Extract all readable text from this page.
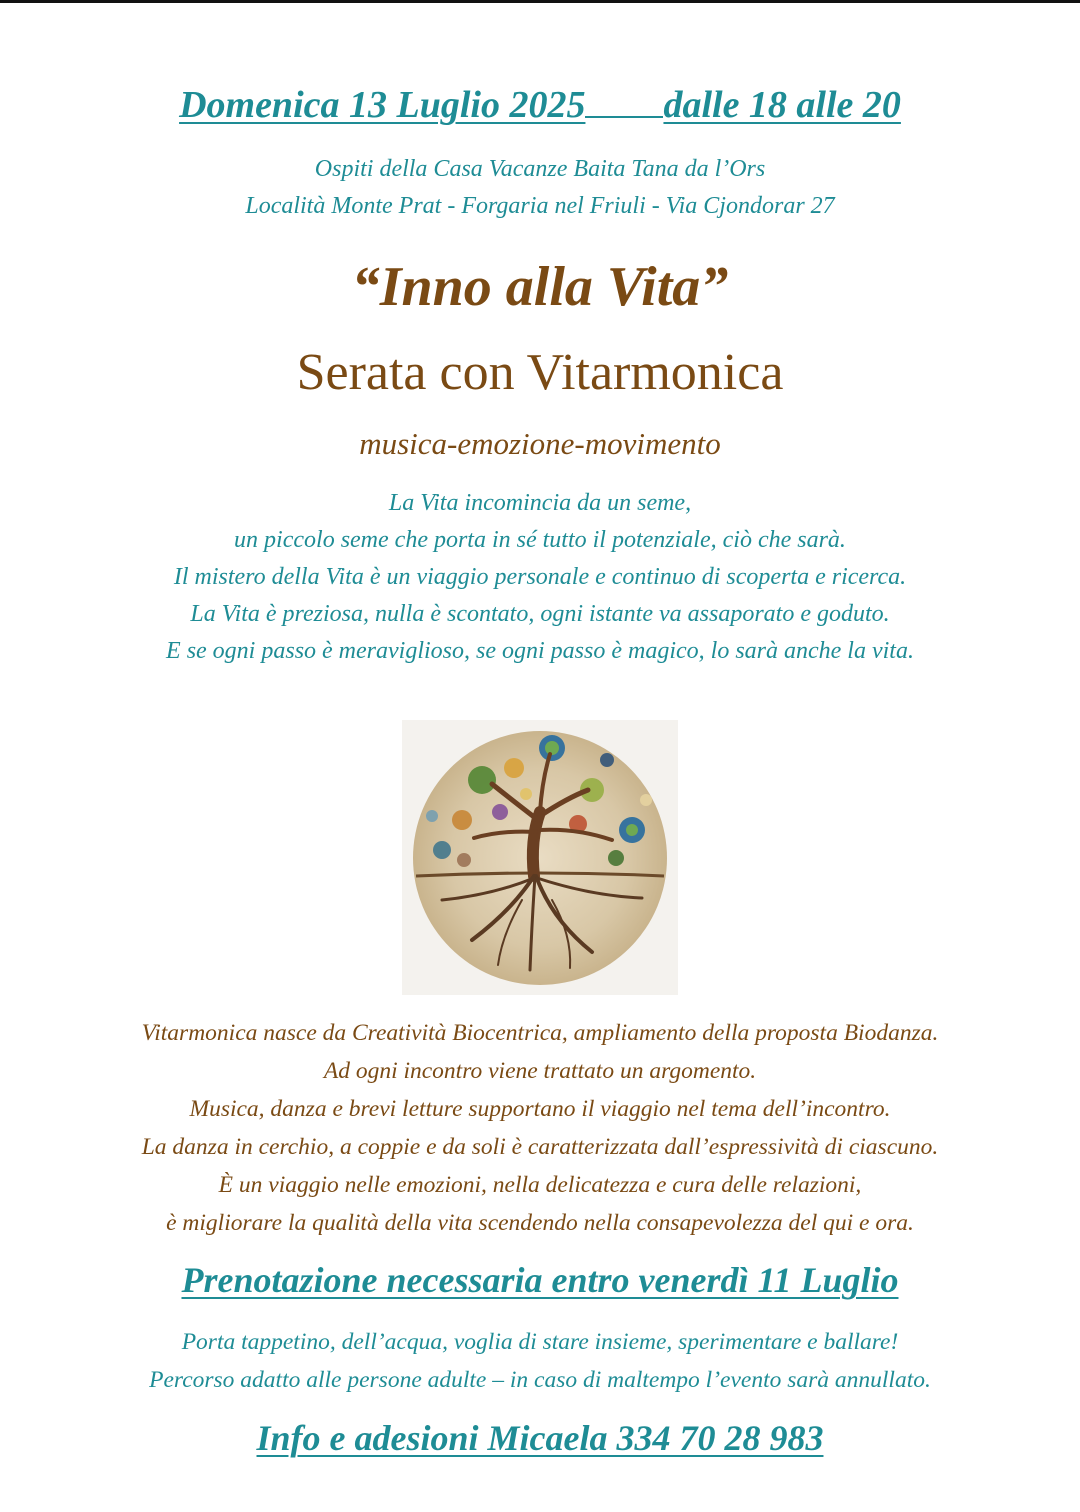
Domenica 13 Luglio 2025 dalle 18 alle 20
Ospiti della Casa Vacanze Baita Tana da l’Ors
Località Monte Prat - Forgaria nel Friuli - Via Cjondorar 27
“Inno alla Vita”
Serata con Vitarmonica
musica-emozione-movimento
La Vita incomincia da un seme,
un piccolo seme che porta in sé tutto il potenziale, ciò che sarà.
Il mistero della Vita è un viaggio personale e continuo di scoperta e ricerca.
La Vita è preziosa, nulla è scontato, ogni istante va assaporato e goduto.
E se ogni passo è meraviglioso, se ogni passo è magico, lo sarà anche la vita.
Vitarmonica nasce da Creatività Biocentrica, ampliamento della proposta Biodanza.
Ad ogni incontro viene trattato un argomento.
Musica, danza e brevi letture supportano il viaggio nel tema dell’incontro.
La danza in cerchio, a coppie e da soli è caratterizzata dall’espressività di ciascuno.
È un viaggio nelle emozioni, nella delicatezza e cura delle relazioni,
è migliorare la qualità della vita scendendo nella consapevolezza del qui e ora.
Prenotazione necessaria entro venerdì 11 Luglio
Porta tappetino, dell’acqua, voglia di stare insieme, sperimentare e ballare!
Percorso adatto alle persone adulte – in caso di maltempo l’evento sarà annullato.
Info e adesioni Micaela 334 70 28 983
